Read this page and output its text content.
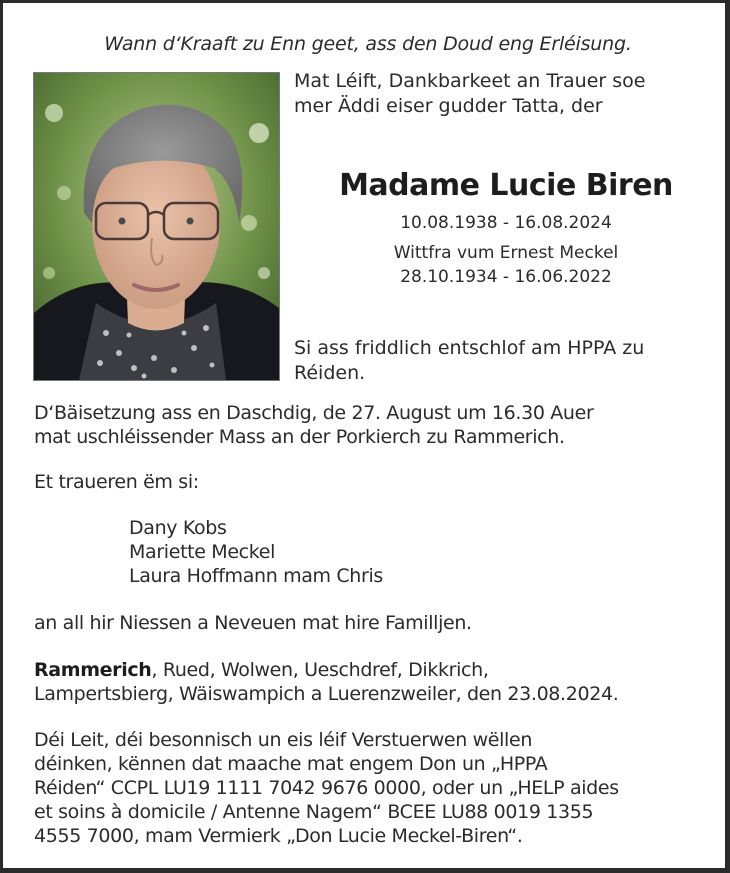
Wann d‘Kraaft zu Enn geet, ass den Doud eng Erléisung.
Mat Léift, Dankbarkeet an Trauer soe
mer Äddi eiser gudder Tatta, der
Madame Lucie Biren
10.08.1938 - 16.08.2024
Wittfra vum Ernest Meckel
28.10.1934 - 16.06.2022
Si ass friddlich entschlof am HPPA zu
Réiden.
D‘Bäisetzung ass en Daschdig, de 27. August um 16.30 Auer
mat uschléissender Mass an der Porkierch zu Rammerich.
Et traueren ëm si:
Dany Kobs
Mariette Meckel
Laura Hoffmann mam Chris
an all hir Niessen a Neveuen mat hire Familljen.
Rammerich, Rued, Wolwen, Ueschdref, Dikkrich,
Lampertsbierg, Wäiswampich a Luerenzweiler, den 23.08.2024.
Déi Leit, déi besonnisch un eis léif Verstuerwen wëllen
déinken, kënnen dat maache mat engem Don un „HPPA
Réiden“ CCPL LU19 1111 7042 9676 0000, oder un „HELP aides
et soins à domicile / Antenne Nagem“ BCEE LU88 0019 1355
4555 7000, mam Vermierk „Don Lucie Meckel-Biren“.
